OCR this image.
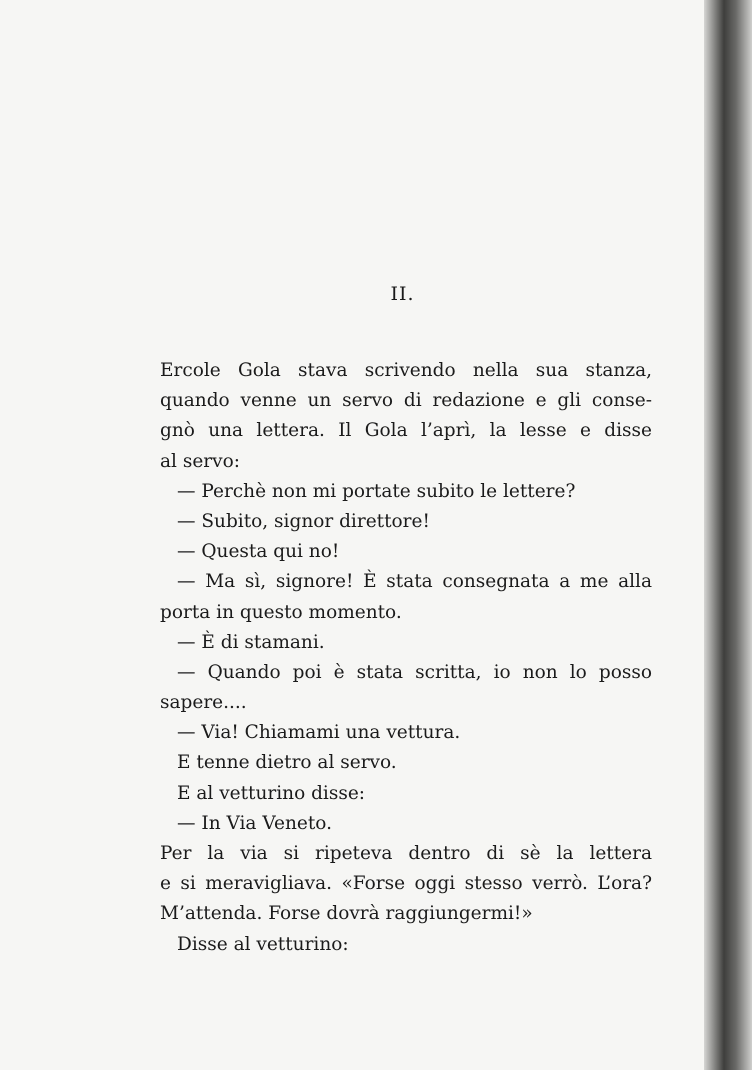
II.
Ercole Gola stava scrivendo nella sua stanza,
quando venne un servo di redazione e gli conse-
gnò una lettera. Il Gola l’aprì, la lesse e disse
al servo:
— Perchè non mi portate subito le lettere?
— Subito, signor direttore!
— Questa qui no!
— Ma sì, signore! È stata consegnata a me alla
porta in questo momento.
— È di stamani.
— Quando poi è stata scritta, io non lo posso
sapere....
— Via! Chiamami una vettura.
E tenne dietro al servo.
E al vetturino disse:
— In Via Veneto.
Per la via si ripeteva dentro di sè la lettera
e si meravigliava. «Forse oggi stesso verrò. L’ora?
M’attenda. Forse dovrà raggiungermi!»
Disse al vetturino:
